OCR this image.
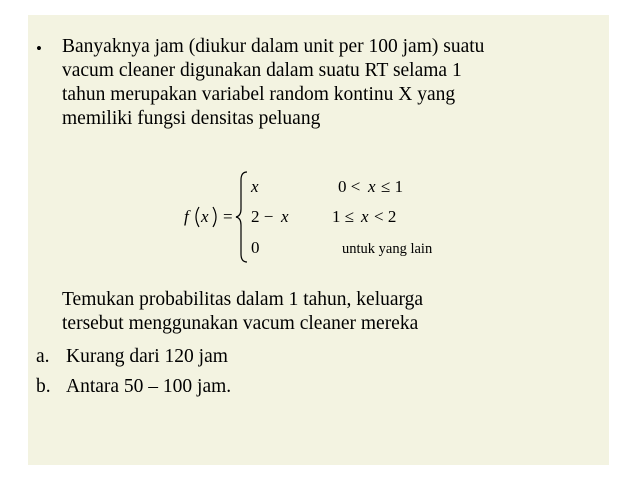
• Banyaknya jam (diukur dalam unit per 100 jam) suatu
vacum cleaner digunakan dalam suatu RT selama 1
tahun merupakan variabel random kontinu X yang
memiliki fungsi densitas peluang
f x =
x	0 < x ≤ 1
2 − x	1 ≤ x < 2
0	untuk yang lain
Temukan probabilitas dalam 1 tahun, keluarga
tersebut menggunakan vacum cleaner mereka
a. Kurang dari 120 jam
b. Antara 50 – 100 jam.
